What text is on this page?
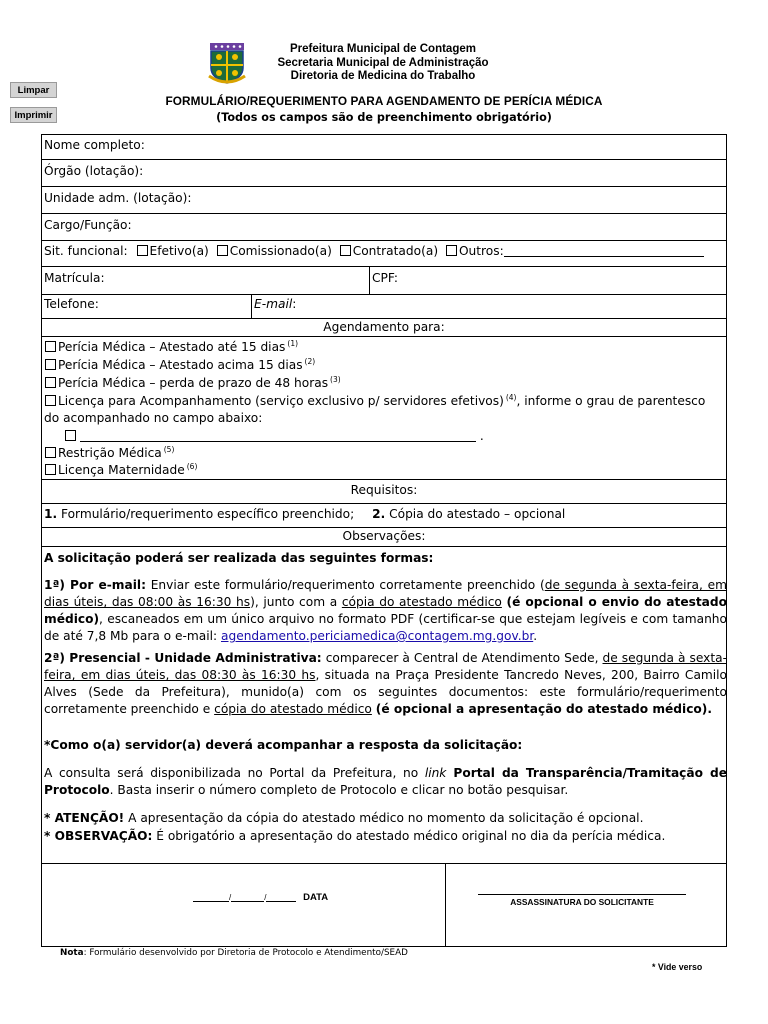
Limpar
Imprimir
Prefeitura Municipal de Contagem
Secretaria Municipal de Administração
Diretoria de Medicina do Trabalho
FORMULÁRIO/REQUERIMENTO PARA AGENDAMENTO DE PERÍCIA MÉDICA
(Todos os campos são de preenchimento obrigatório)
Nome completo:
Órgão (lotação):
Unidade adm. (lotação):
Cargo/Função:
Sit. funcional: Efetivo(a) Comissionado(a) Contratado(a) Outros:
Matrícula:	CPF:
Telefone:	E-mail:
Agendamento para:
Perícia Médica – Atestado até 15 dias $^{(1)}$
Perícia Médica – Atestado acima 15 dias $^{(2)}$
Perícia Médica – perda de prazo de 48 horas $^{(3)}$
Licença para Acompanhamento (serviço exclusivo p/ servidores efetivos) $^{(4)}$, informe o grau de parentesco
do acompanhado no campo abaixo:
.
Restrição Médica $^{(5)}$
Licença Maternidade $^{(6)}$
Requisitos:
1. Formulário/requerimento específico preenchido; 2. Cópia do atestado – opcional
Observações:
A solicitação poderá ser realizada das seguintes formas:
1ª) Por e-mail: Enviar este formulário/requerimento corretamente preenchido (de segunda à sexta-feira, em dias úteis, das 08:00 às 16:30 hs), junto com a cópia do atestado médico (é opcional o envio do atestado médico), escaneados em um único arquivo no formato PDF (certificar-se que estejam legíveis e com tamanho de até 7,8 Mb para o e-mail: agendamento.periciamedica@contagem.mg.gov.br.
2ª) Presencial - Unidade Administrativa: comparecer à Central de Atendimento Sede, de segunda à sexta-feira, em dias úteis, das 08:30 às 16:30 hs, situada na Praça Presidente Tancredo Neves, 200, Bairro Camilo Alves (Sede da Prefeitura), munido(a) com os seguintes documentos: este formulário/requerimento corretamente preenchido e cópia do atestado médico (é opcional a apresentação do atestado médico).
*Como o(a) servidor(a) deverá acompanhar a resposta da solicitação:
A consulta será disponibilizada no Portal da Prefeitura, no link Portal da Transparência/Tramitação de Protocolo. Basta inserir o número completo de Protocolo e clicar no botão pesquisar.
* ATENÇÃO! A apresentação da cópia do atestado médico no momento da solicitação é opcional.
* OBSERVAÇÃO: É obrigatório a apresentação do atestado médico original no dia da perícia médica.
/	/	DATA	ASSASSINATURA DO SOLICITANTE
Nota: Formulário desenvolvido por Diretoria de Protocolo e Atendimento/SEAD
* Vide verso
